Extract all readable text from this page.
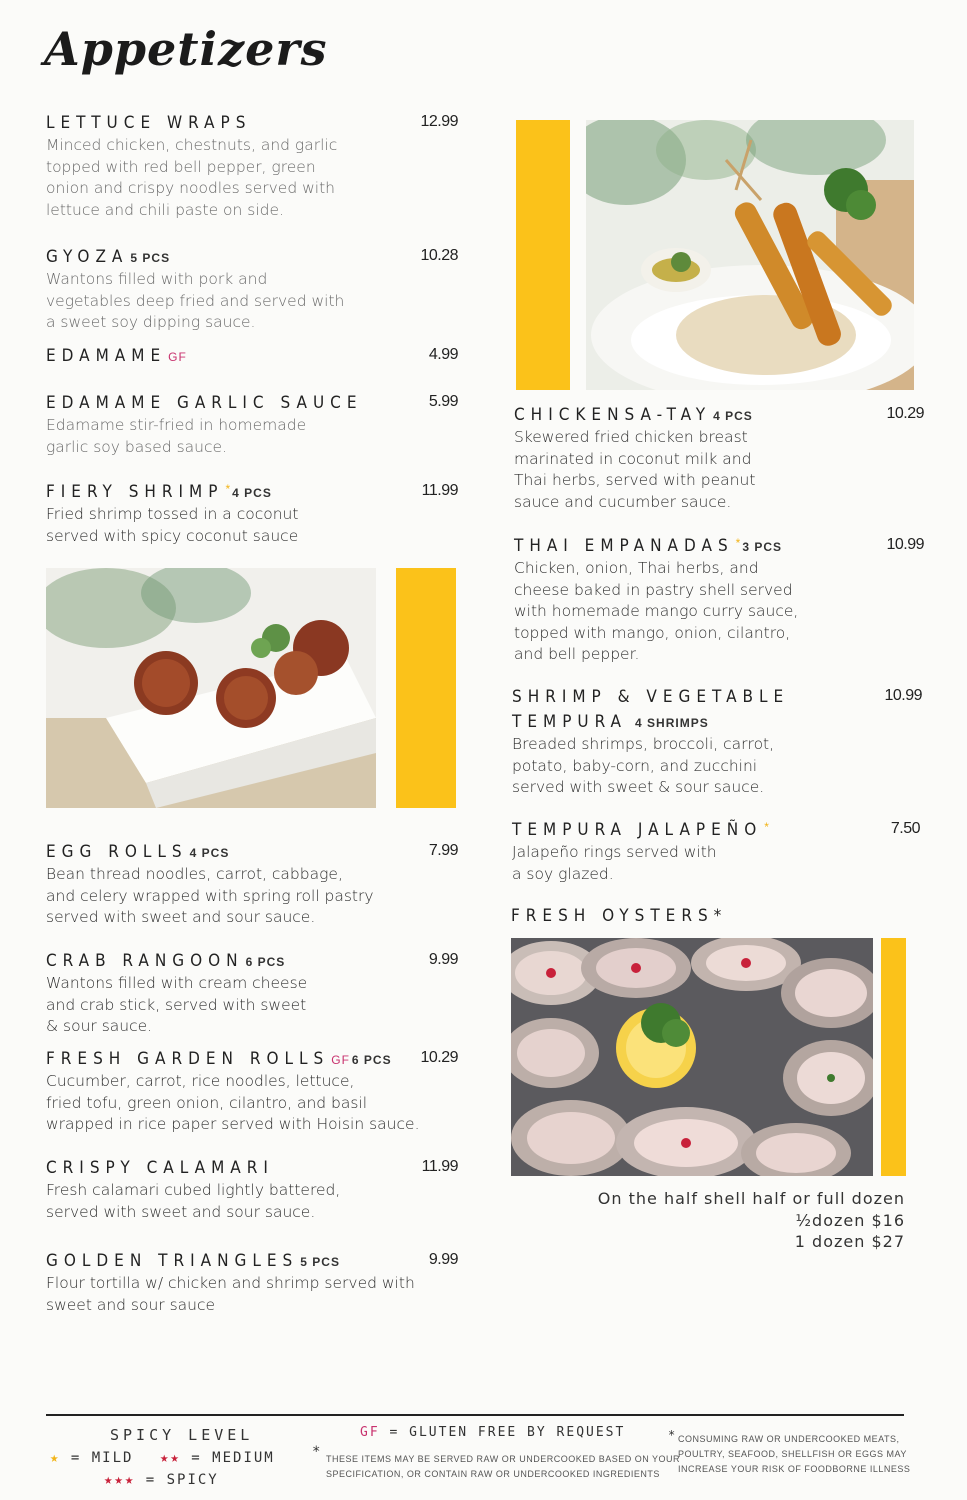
Appetizers
LETTUCE WRAPS	12.99
Minced chicken, chestnuts, and garlic
topped with red bell pepper, green
onion and crispy noodles served with
lettuce and chili paste on side.
GYOZA 5 PCS	10.28
Wantons filled with pork and
vegetables deep fried and served with
a sweet soy dipping sauce.
EDAMAME GF	4.99
EDAMAME GARLIC SAUCE	5.99
Edamame stir-fried in homemade
garlic soy based sauce.
FIERY SHRIMP * 4 PCS	11.99
Fried shrimp tossed in a coconut
served with spicy coconut sauce
EGG ROLLS 4 PCS	7.99
Bean thread noodles, carrot, cabbage,
and celery wrapped with spring roll pastry
served with sweet and sour sauce.
CRAB RANGOON 6 PCS	9.99
Wantons filled with cream cheese
and crab stick, served with sweet
& sour sauce.
FRESH GARDEN ROLLS GF 6 PCS 10.29
Cucumber, carrot, rice noodles, lettuce,
fried tofu, green onion, cilantro, and basil
wrapped in rice paper served with Hoisin sauce.
CRISPY CALAMARI	11.99
Fresh calamari cubed lightly battered,
served with sweet and sour sauce.
GOLDEN TRIANGLES 5 PCS	9.99
Flour tortilla w/ chicken and shrimp served with
sweet and sour sauce
CHICKENSA-TAY 4 PCS	10.29
Skewered fried chicken breast
marinated in coconut milk and
Thai herbs, served with peanut
sauce and cucumber sauce.
THAI EMPANADAS * 3 PCS	10.99
Chicken, onion, Thai herbs, and
cheese baked in pastry shell served
with homemade mango curry sauce,
topped with mango, onion, cilantro,
and bell pepper.
SHRIMP & VEGETABLE	10.99
TEMPURA 4 SHRIMPS
Breaded shrimps, broccoli, carrot,
potato, baby-corn, and zucchini
served with sweet & sour sauce.
TEMPURA JALAPEÑO *	7.50
Jalapeño rings served with
a soy glazed.
FRESH OYSTERS*
On the half shell half or full dozen
½dozen $16
1 dozen $27
SPICY LEVEL
★ = MILD ★★ = MEDIUM
★★★ = SPICY
GF = GLUTEN FREE BY REQUEST
* THESE ITEMS MAY BE SERVED RAW OR UNDERCOOKED BASED ON YOUR
SPECIFICATION, OR CONTAIN RAW OR UNDERCOOKED INGREDIENTS
* CONSUMING RAW OR UNDERCOOKED MEATS,
POULTRY, SEAFOOD, SHELLFISH OR EGGS MAY
INCREASE YOUR RISK OF FOODBORNE ILLNESS
